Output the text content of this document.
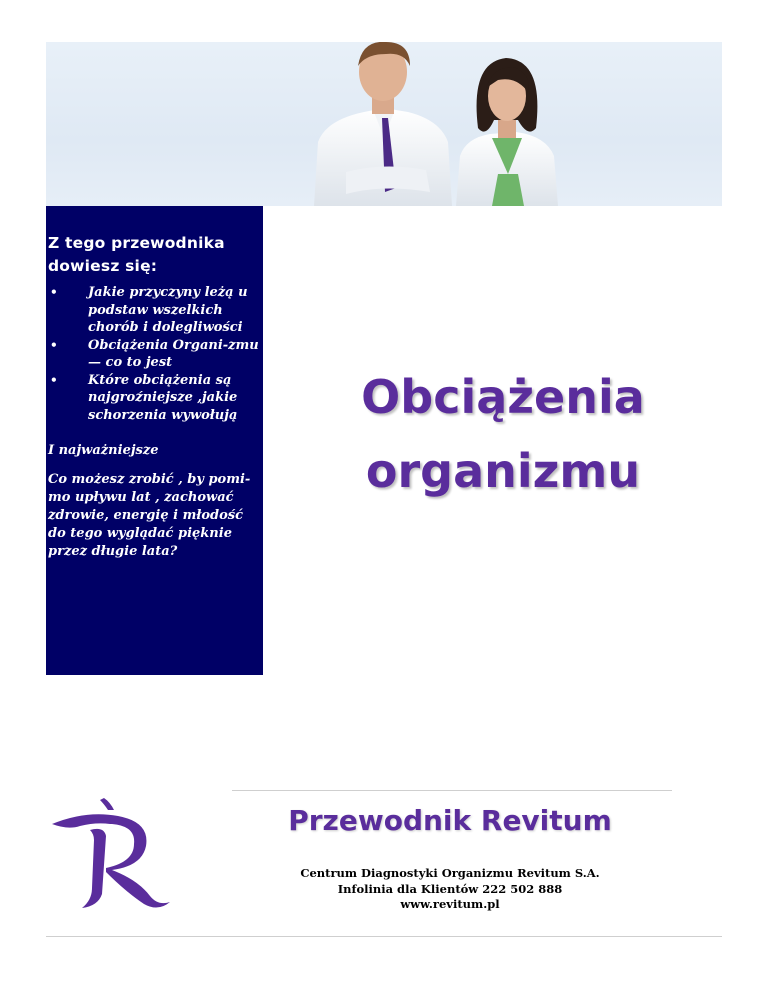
Z tego przewodnika dowiesz się:
• Jakie przyczyny leżą u podstaw wszelkich chorób i dolegliwości
• Obciążenia Organi-zmu— co to jest
• Które obciążenia są najgroźniejsze ,jakie schorzenia wywołują
I najważniejsze
Co możesz zrobić , by pomi-mo upływu lat , zachować zdrowie, energię i młodość do tego wyglądać pięknie przez długie lata?
Obciążenia
organizmu
Przewodnik Revitum
Centrum Diagnostyki Organizmu Revitum S.A.
Infolinia dla Klientów 222 502 888
www.revitum.pl
